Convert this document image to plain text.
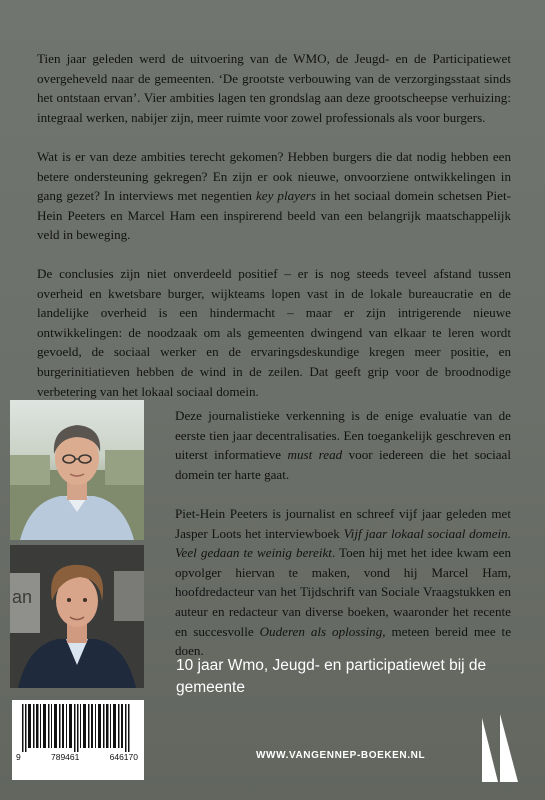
Tien jaar geleden werd de uitvoering van de WMO, de Jeugd- en de Participatiewet overgeheveld naar de gemeenten. ‘De grootste verbouwing van de verzorgingsstaat sinds het ontstaan ervan’. Vier ambities lagen ten grondslag aan deze grootscheepse verhuizing: integraal werken, nabijer zijn, meer ruimte voor zowel professionals als voor burgers.

Wat is er van deze ambities terecht gekomen? Hebben burgers die dat nodig hebben een betere ondersteuning gekregen? En zijn er ook nieuwe, onvoorziene ontwikkelingen in gang gezet? In interviews met negentien key players in het sociaal domein schetsen Piet-Hein Peeters en Marcel Ham een inspirerend beeld van een belangrijk maatschappelijk veld in beweging.

De conclusies zijn niet onverdeeld positief – er is nog steeds teveel afstand tussen overheid en kwetsbare burger, wijkteams lopen vast in de lokale bureaucratie en de landelijke overheid is een hindermacht – maar er zijn intrigerende nieuwe ontwikkelingen: de noodzaak om als gemeenten dwingend van elkaar te leren wordt gevoeld, de sociaal werker en de ervaringsdeskundige kregen meer positie, en burgerinitiatieven hebben de wind in de zeilen. Dat geeft grip voor de broodnodige verbetering van het lokaal sociaal domein.

an

Deze journalistieke verkenning is de enige evaluatie van de eerste tien jaar decentralisaties. Een toegankelijk geschreven en uiterst informatieve must read voor iedereen die het sociaal domein ter harte gaat.

Piet-Hein Peeters is journalist en schreef vijf jaar geleden met Jasper Loots het interviewboek Vijf jaar lokaal sociaal domein. Veel gedaan te weinig bereikt. Toen hij met het idee kwam een opvolger hiervan te maken, vond hij Marcel Ham, hoofdredacteur van het Tijdschrift van Sociale Vraagstukken en auteur en redacteur van diverse boeken, waaronder het recente en succesvolle Ouderen als oplossing, meteen bereid mee te doen.

10 jaar Wmo, Jeugd- en participatiewet bij de gemeente
9	789461	646170	WWW.VANGENNEP-BOEKEN.NL
